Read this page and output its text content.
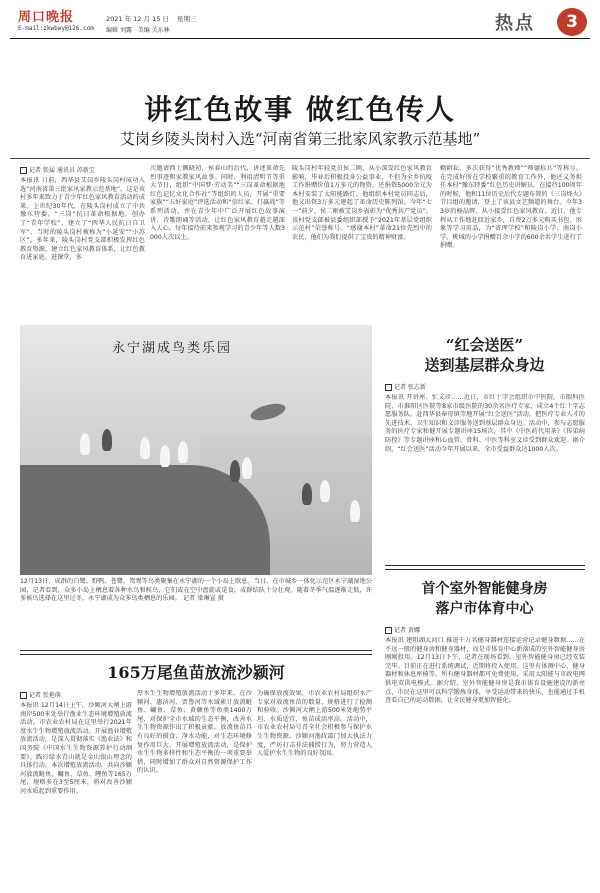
周口晚报
E-mail:zkwbwy@126.com
2021 年 12 月 15 日 星期三
编辑 刘露 美编 关东林	热点	3
讲红色故事 做红色传人
艾岗乡陵头岗村入选“河南省第三批家风家教示范基地”
记者 张猛 通讯员 苏新宝
本报讯 日前，西华县艾岗乡陵头岗村成功入选“河南省第三批家风家教示范基地”。这是该村多年来致力于青少年红色家风教育活动的成果。上世纪30年代，在陵头岗村成立了中共豫东特委。“三岗”抗日革命根据地，创办了“青年学校”，建立了“西华人民抗日自卫军”，当时的陵头岗村被称为“小延安”“小苏区”。多年来，陵头岗村党支部积极发挥红色教育资源，建立红色家风教育体系，让红色教育进家庭、进课堂，多
次邀请西士侧晓初、侯春山的后代，讲述革命先烈事迹和家教家风故事。同时，利用清明节等重大节日，组织“中国梦·劳动美”“三岗革命根据地红色记忆文化合作社”等组织的人员，开展“重要家族”“五好家庭”评选活动和“信红家、打赢战”等系列活动，并在青少年中广泛开展红色故事演讲、诗歌朗诵等活动，让红色家风教育越走越深入人心。每年接待前来参观学习的青少年等人数3000人次以上。
陵头岗村年轻党员侯二刚，从小深受红色家风教育影响，毕业后积极投身公益事业，不但为全乡抗疫工作捐赠价值1万多元的物资，还捐资5000余元为本村安装了太阳能路灯。他组织本村党员同志后，他又出资3万多元建起了革命历史陈列馆。今年“七一”前夕，侯二刚被艾岗乡表彰为“优秀共产党员”。该村党支部被县委组织部授予“2021年基层党组织示范村”荣誉称号。“感谢本村”革命21位先烈中的农民，他们为我们提供了宝贵的精神财富。
勤耕耘，多次获得“优秀教师”“师德标兵”等称号。在完成好所在学校繁重的教育工作外，他还义务担任本村“豫东特委”红色历史讲解员。在接待100周年的时候，他和11位历史后代专题布置的《三岗烽火》节目组的邀请，登上了该县文艺频道的舞台。今年33岁的杨晶辉，从小接受红色家风教育。近日，他专程从工作地赶回近家乡，自费2万多元购买书包、形象等学习用品，为“省理学校”和陵岗小学、南岗小学、桃城的小学捐赠百余小学的600余名学生进行了捐赠。
永宁湖成鸟类乐园
12月13日，成群的白鹭、野鸭、苍鹭、鸳鸯等鸟类聚集在永宁湖的一个小岛上歇息。当日，在市城乡一体化示范区永宁湖湿地公园，记者看到，众多小岛上栖息着各种水鸟和候鸟，它们或在空中盘旋或觅食，成群结队十分壮观。随着冬季气温逐渐走低，许多候鸟选择在这里过冬，永宁湖成为众多鸟类栖息的乐园。 记者 梁琳宣 摄
165万尾鱼苗放流沙颍河
记者 张艳萌
本报讯 12月14日上午，沙颍河大闸上游南岸500米处举行渔业生态环境增殖放流活动。市农业农村局在这里举行2021年度水生生物增殖放流活动。开展渔业增殖放流活动，是深入贯彻落实《渔业法》和国务院《中国水生生物资源养护行动纲要》、践行绿水青山就是金山银山理念的具体行动。本次增殖放流活动，共向沙颍河放流鲢鱼、鳙鱼、草鱼、鲤鱼等165万尾，规格多在3至5厘米，将对改善沙颍河水质起到重要作用。
厚水生生物增殖放流活动十多年来，在沙颍河、惠济河、贾鲁河等水域累计放流鲢鱼、鳙鱼、草鱼、黄颡鱼等鱼类1400万尾，对保护全市水域的生态平衡，改善水生生物资源作出了积极贡献。放流鱼苗具有良好的摄食、净水功能，对生态环境修复作用巨大。开展增殖放流活动，是保护水生生物多样性和生态平衡的一项重要举措，同时增加了群众对自然资源保护工作的认识。
为确保放流效果，市农业农村局组织水产专家对放流鱼苗的数量、规格进行了检测和验收。沙颍河大闸上游500米处地势平坦、水质适宜，鱼苗成活率高。活动中，市农业农村局号召全社会积极参与保护水生生物资源。沙颍河渔政部门加大执法力度，严厉打击非法捕捞行为，努力营造人人爱护水生生物的良好氛围。
“红会送医”
送到基层群众身边
记者 张志新
本报讯 开讲座、忙义诊……近日，市红十字会组织市中医院、市眼科医院、市淮阳区医院等8家市级医院的30余名医疗专家，成立4个红十字志愿服务队，赴西华县奉母镇等地开展“红会送医”活动，把医疗专业人才的先进技术、卫生知识和义诊服务送到基层群众身边。活动中，参与志愿服务的医疗专家和健开展专题讲座15场次，其中《中医药代用茶》《传染病防控》等专题讲座和心血管、骨科、中医等科室义诊受到群众欢迎。据介绍，“红会送医”活动今年开展以来，全市受益群众达1000人次。
首个室外智能健身房
落户市体育中心
记者 黄娜
本报讯 建阳湖大河口 推进千万名健身器材连接运营记录健身数据……在不远一般的健身房和健身器材，而是市体育中心新落成的室外智能健身房刚刚投用。12月13日下午，记者在现场看到，室外智能健身房已经安装完毕。目前正在进行系统调试，近期将投入使用。这里有体测中心、健身器材和休息座椅等，所有健身器材都可免费使用，采用太阳能与市政电网供电双供电模式。据介绍，室外智能健身房是我市体育设施建设的新亮点，市民在这里可以科学锻炼身体，享受运动带来的快乐，也能通过手机查看自己的运动数据，让全民健身更加智能化。
